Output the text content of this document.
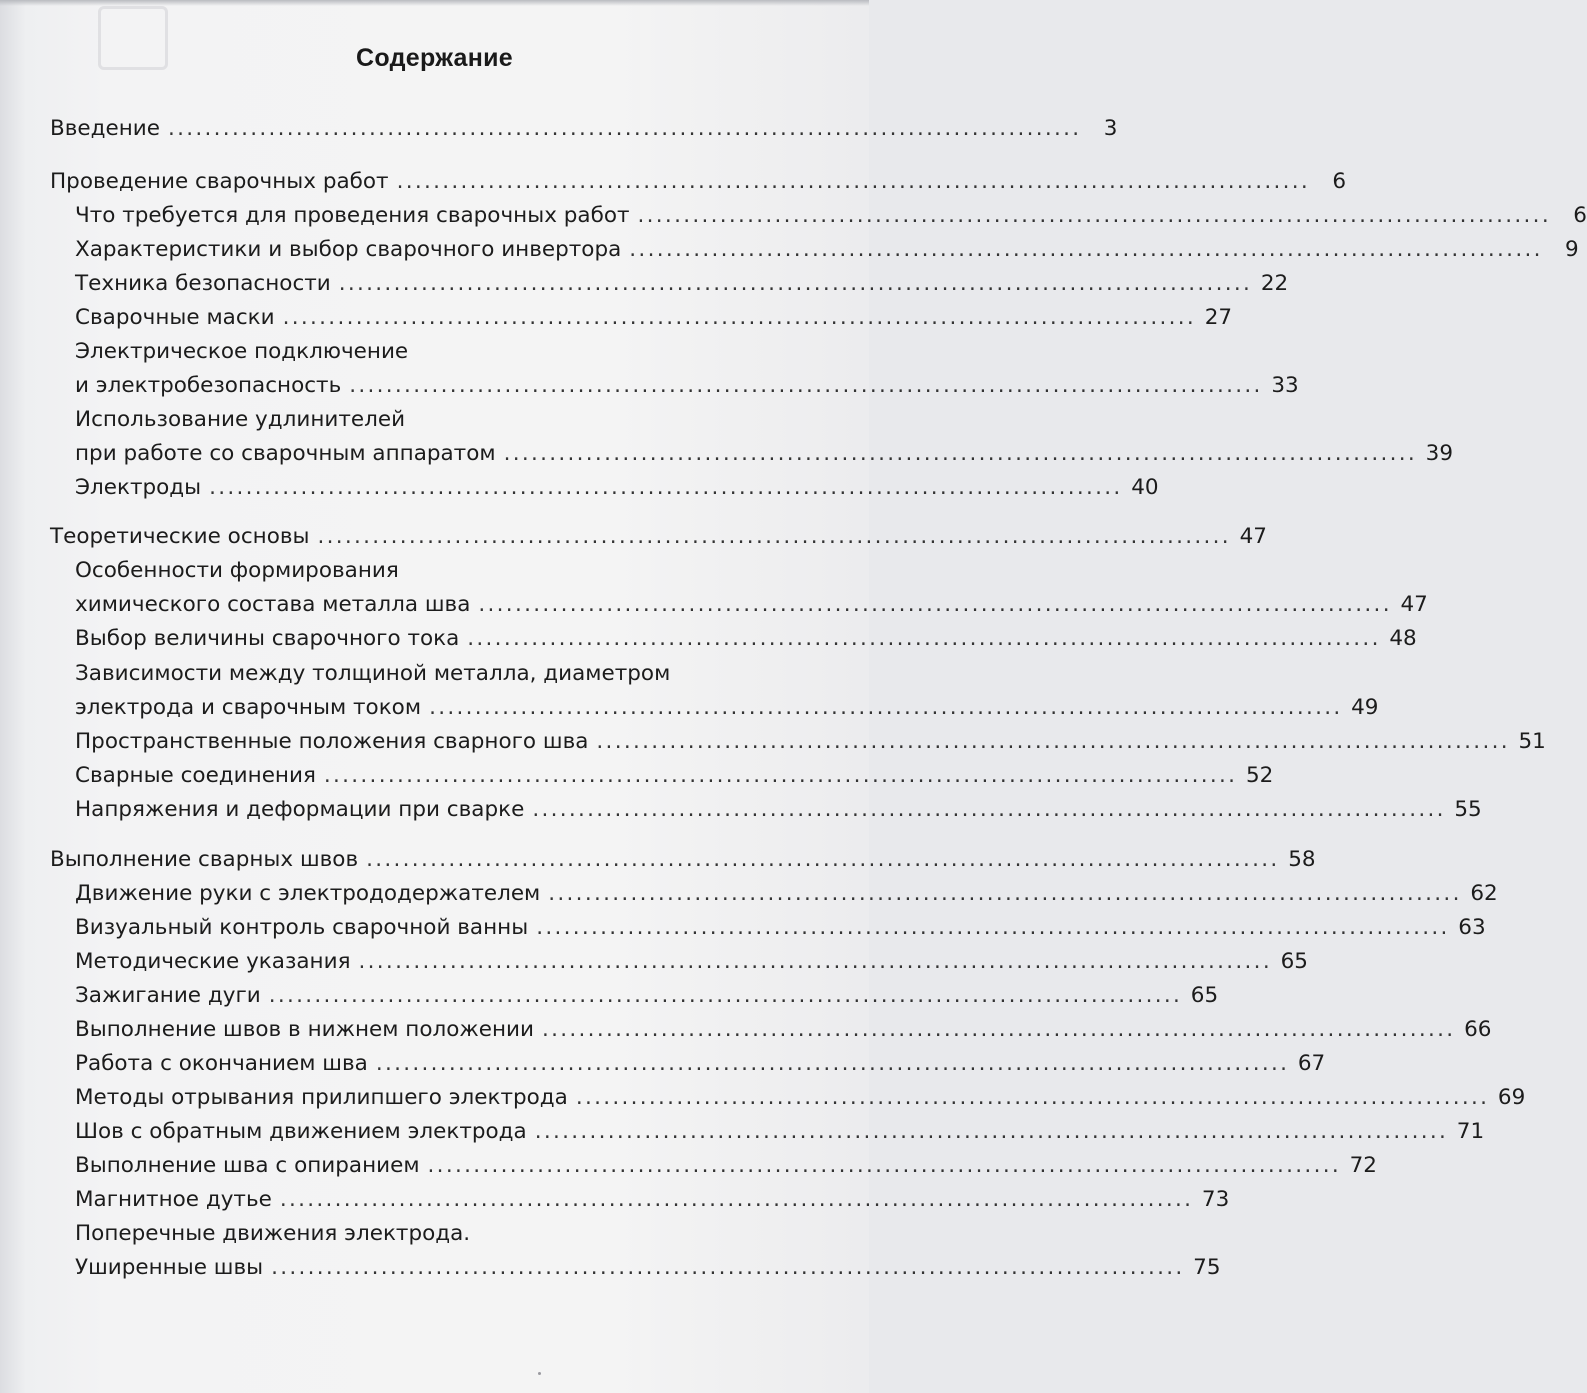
Содержание
Введение ....................................................................................................	3
Проведение сварочных работ ....................................................................................................	6
Что требуется для проведения сварочных работ ....................................................................................................	6
Характеристики и выбор сварочного инвертора ....................................................................................................	9
Техника безопасности .................................................................................................... 22
Сварочные маски .................................................................................................... 27
Электрическое подключение
и электробезопасность .................................................................................................... 33
Использование удлинителей
при работе со сварочным аппаратом .................................................................................................... 39
Электроды .................................................................................................... 40
Теоретические основы .................................................................................................... 47
Особенности формирования
химического состава металла шва .................................................................................................... 47
Выбор величины сварочного тока .................................................................................................... 48
Зависимости между толщиной металла, диаметром
электрода и сварочным током .................................................................................................... 49
Пространственные положения сварного шва .................................................................................................... 51
Сварные соединения .................................................................................................... 52
Напряжения и деформации при сварке .................................................................................................... 55
Выполнение сварных швов .................................................................................................... 58
Движение руки с электрододержателем .................................................................................................... 62
Визуальный контроль сварочной ванны .................................................................................................... 63
Методические указания .................................................................................................... 65
Зажигание дуги .................................................................................................... 65
Выполнение швов в нижнем положении .................................................................................................... 66
Работа с окончанием шва .................................................................................................... 67
Методы отрывания прилипшего электрода .................................................................................................... 69
Шов с обратным движением электрода .................................................................................................... 71
Выполнение шва с опиранием .................................................................................................... 72
Магнитное дутье .................................................................................................... 73
Поперечные движения электрода.
Уширенные швы .................................................................................................... 75
